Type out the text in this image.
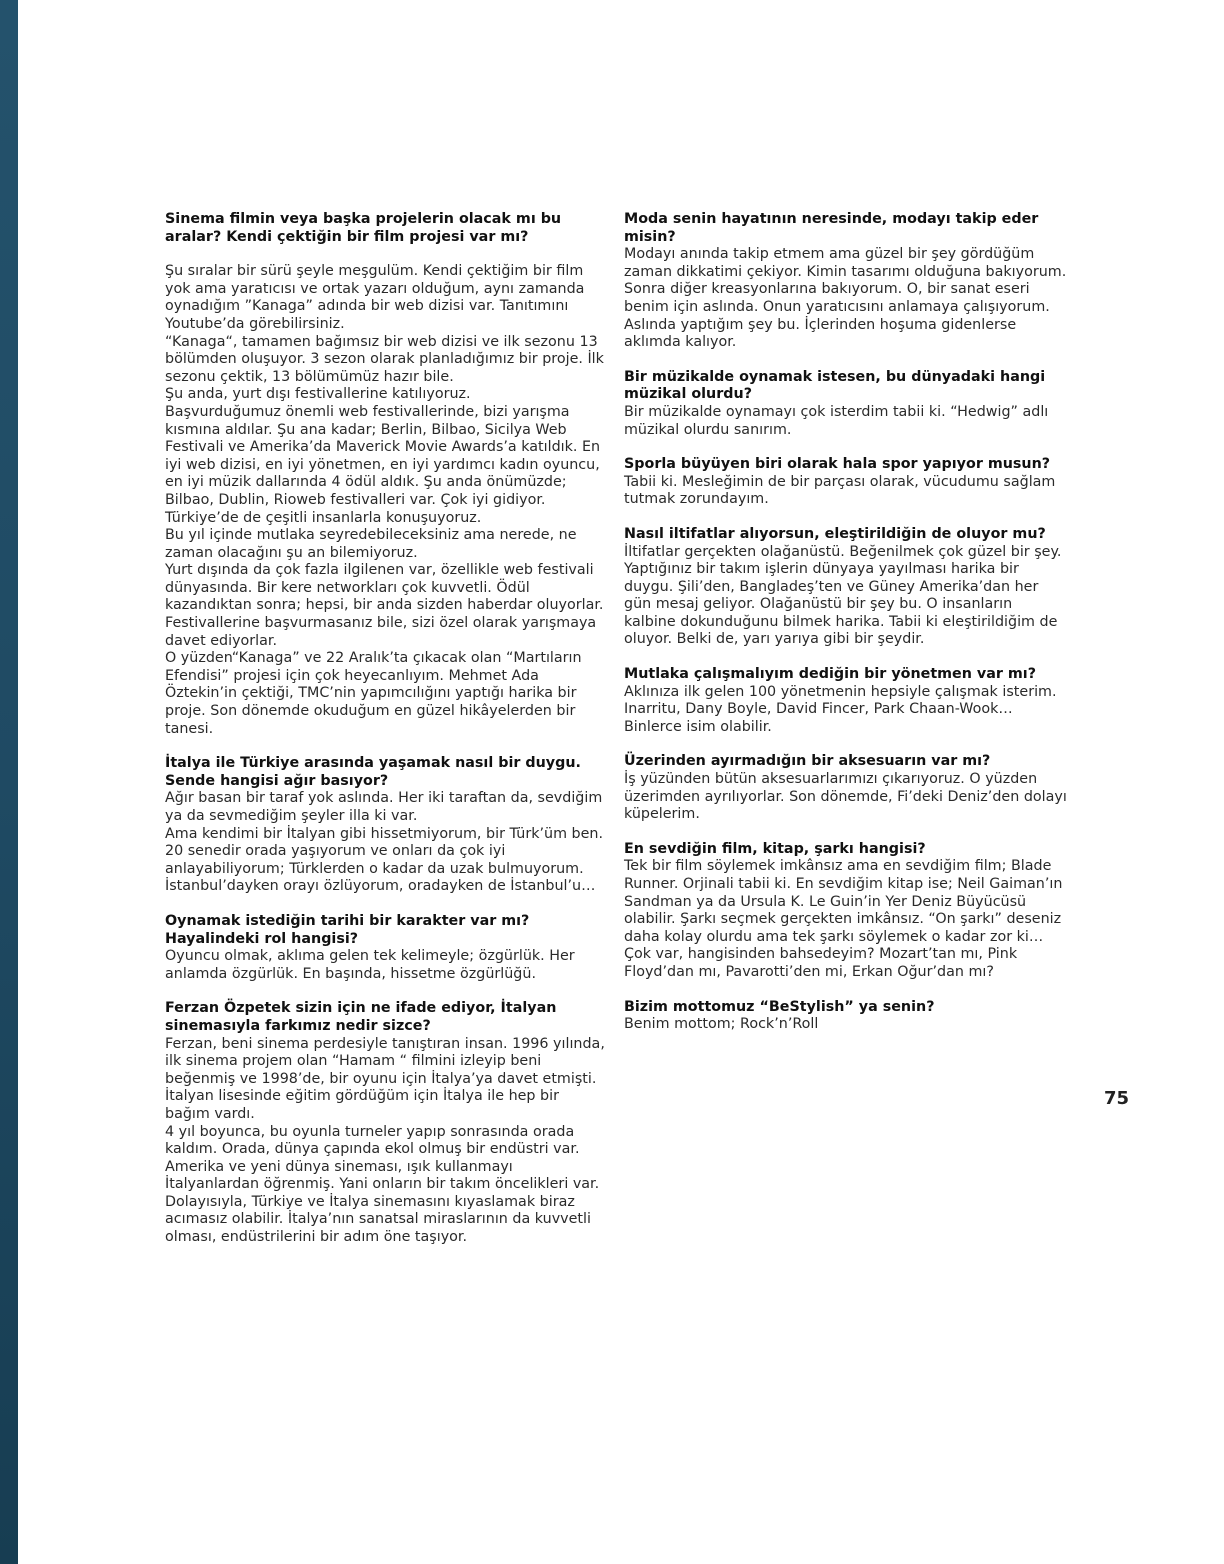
Sinema filmin veya başka projelerin olacak mı bu aralar? Kendi çektiğin bir film projesi var mı?

Şu sıralar bir sürü şeyle meşgulüm. Kendi çektiğim bir film yok ama yaratıcısı ve ortak yazarı olduğum, aynı zamanda oynadığım ”Kanaga” adında bir web dizisi var. Tanıtımını Youtube’da görebilirsiniz.
“Kanaga“, tamamen bağımsız bir web dizisi ve ilk sezonu 13 bölümden oluşuyor. 3 sezon olarak planladığımız bir proje. İlk sezonu çektik, 13 bölümümüz hazır bile.
Şu anda, yurt dışı festivallerine katılıyoruz.
Başvurduğumuz önemli web festivallerinde, bizi yarışma kısmına aldılar. Şu ana kadar; Berlin, Bilbao, Sicilya Web Festivali ve Amerika’da Maverick Movie Awards’a katıldık. En iyi web dizisi, en iyi yönetmen, en iyi yardımcı kadın oyuncu, en iyi müzik dallarında 4 ödül aldık. Şu anda önümüzde; Bilbao, Dublin, Rioweb festivalleri var. Çok iyi gidiyor. Türkiye’de de çeşitli insanlarla konuşuyoruz.
Bu yıl içinde mutlaka seyredebileceksiniz ama nerede, ne zaman olacağını şu an bilemiyoruz.
Yurt dışında da çok fazla ilgilenen var, özellikle web festivali dünyasında. Bir kere networkları çok kuvvetli. Ödül kazandıktan sonra; hepsi, bir anda sizden haberdar oluyorlar. Festivallerine başvurmasanız bile, sizi özel olarak yarışmaya davet ediyorlar.
O yüzden“Kanaga” ve 22 Aralık’ta çıkacak olan “Martıların Efendisi” projesi için çok heyecanlıyım. Mehmet Ada Öztekin’in çektiği, TMC’nin yapımcılığını yaptığı harika bir proje. Son dönemde okuduğum en güzel hikâyelerden bir tanesi.

İtalya ile Türkiye arasında yaşamak nasıl bir duygu. Sende hangisi ağır basıyor?

Ağır basan bir taraf yok aslında. Her iki taraftan da, sevdiğim ya da sevmediğim şeyler illa ki var.
Ama kendimi bir İtalyan gibi hissetmiyorum, bir Türk’üm ben. 20 senedir orada yaşıyorum ve onları da çok iyi anlayabiliyorum; Türklerden o kadar da uzak bulmuyorum. İstanbul’dayken orayı özlüyorum, oradayken de İstanbul’u…

Oynamak istediğin tarihi bir karakter var mı? Hayalindeki rol hangisi?

Oyuncu olmak, aklıma gelen tek kelimeyle; özgürlük. Her anlamda özgürlük. En başında, hissetme özgürlüğü.

Ferzan Özpetek sizin için ne ifade ediyor, İtalyan sinemasıyla farkımız nedir sizce?

Ferzan, beni sinema perdesiyle tanıştıran insan. 1996 yılında, ilk sinema projem olan “Hamam “ filmini izleyip beni beğenmiş ve 1998’de, bir oyunu için İtalya’ya davet etmişti. İtalyan lisesinde eğitim gördüğüm için İtalya ile hep bir bağım vardı.
4 yıl boyunca, bu oyunla turneler yapıp sonrasında orada kaldım. Orada, dünya çapında ekol olmuş bir endüstri var. Amerika ve yeni dünya sineması, ışık kullanmayı İtalyanlardan öğrenmiş. Yani onların bir takım öncelikleri var. Dolayısıyla, Türkiye ve İtalya sinemasını kıyaslamak biraz acımasız olabilir. İtalya’nın sanatsal miraslarının da kuvvetli olması, endüstrilerini bir adım öne taşıyor.

Moda senin hayatının neresinde, modayı takip eder misin?

Modayı anında takip etmem ama güzel bir şey gördüğüm zaman dikkatimi çekiyor. Kimin tasarımı olduğuna bakıyorum. Sonra diğer kreasyonlarına bakıyorum. O, bir sanat eseri benim için aslında. Onun yaratıcısını anlamaya çalışıyorum. Aslında yaptığım şey bu. İçlerinden hoşuma gidenlerse aklımda kalıyor.

Bir müzikalde oynamak istesen, bu dünyadaki hangi müzikal olurdu?

Bir müzikalde oynamayı çok isterdim tabii ki. “Hedwig” adlı müzikal olurdu sanırım.

Sporla büyüyen biri olarak hala spor yapıyor musun?

Tabii ki. Mesleğimin de bir parçası olarak, vücudumu sağlam tutmak zorundayım.

Nasıl iltifatlar alıyorsun, eleştirildiğin de oluyor mu?

İltifatlar gerçekten olağanüstü. Beğenilmek çok güzel bir şey. Yaptığınız bir takım işlerin dünyaya yayılması harika bir duygu. Şili’den, Bangladeş’ten ve Güney Amerika’dan her gün mesaj geliyor. Olağanüstü bir şey bu. O insanların kalbine dokunduğunu bilmek harika. Tabii ki eleştirildiğim de oluyor. Belki de, yarı yarıya gibi bir şeydir.

Mutlaka çalışmalıyım dediğin bir yönetmen var mı?

Aklınıza ilk gelen 100 yönetmenin hepsiyle çalışmak isterim. Inarritu, Dany Boyle, David Fincer, Park Chaan-Wook… Binlerce isim olabilir.

Üzerinden ayırmadığın bir aksesuarın var mı?

İş yüzünden bütün aksesuarlarımızı çıkarıyoruz. O yüzden üzerimden ayrılıyorlar. Son dönemde, Fi’deki Deniz’den dolayı küpelerim.

En sevdiğin film, kitap, şarkı hangisi?

Tek bir film söylemek imkânsız ama en sevdiğim film; Blade Runner. Orjinali tabii ki. En sevdiğim kitap ise; Neil Gaiman’ın Sandman ya da Ursula K. Le Guin’in Yer Deniz Büyücüsü olabilir. Şarkı seçmek gerçekten imkânsız. “On şarkı” deseniz daha kolay olurdu ama tek şarkı söylemek o kadar zor ki… Çok var, hangisinden bahsedeyim? Mozart’tan mı, Pink Floyd’dan mı, Pavarotti’den mi, Erkan Oğur’dan mı?

Bizim mottomuz “BeStylish” ya senin?

Benim mottom; Rock’n’Roll

75
